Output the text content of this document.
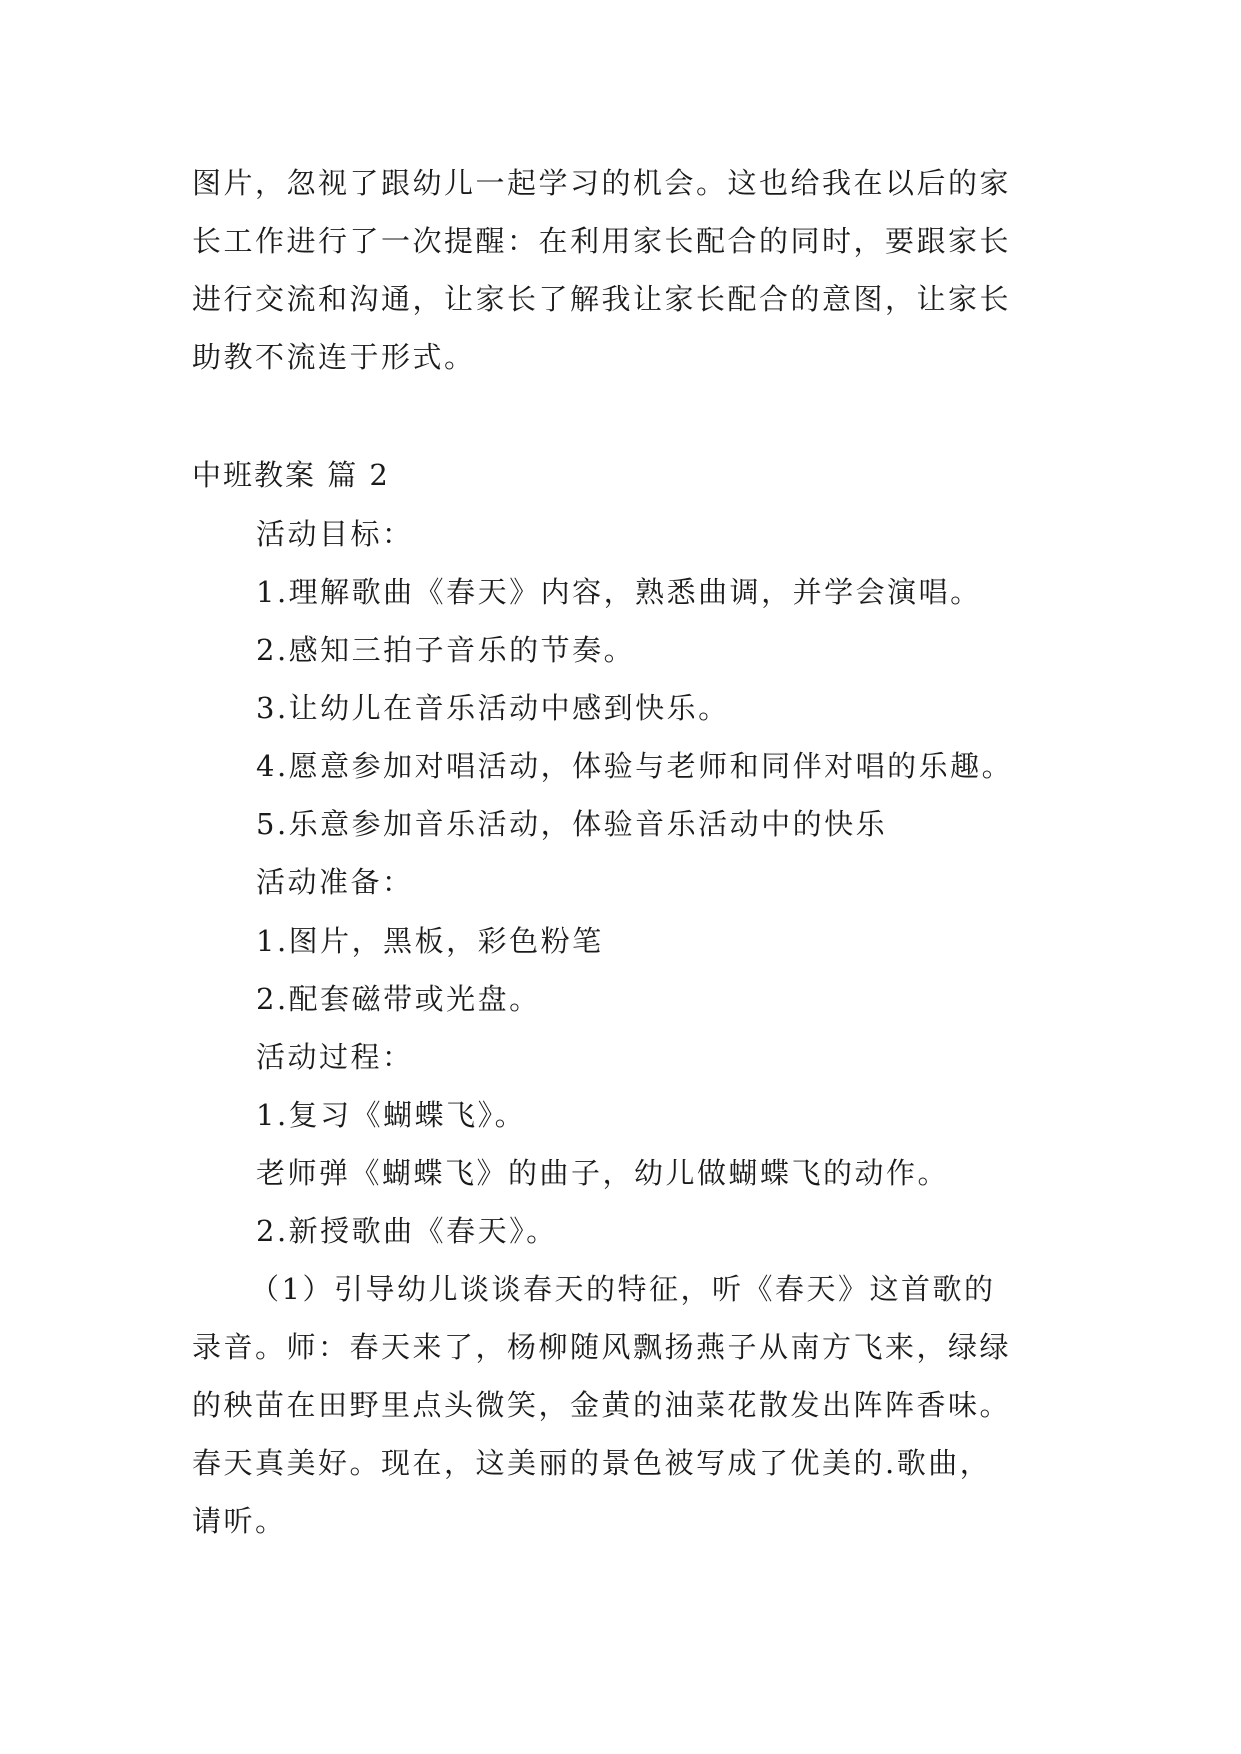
图片，忽视了跟幼儿一起学习的机会。这也给我在以后的家
长工作进行了一次提醒：在利用家长配合的同时，要跟家长
进行交流和沟通，让家长了解我让家长配合的意图，让家长
助教不流连于形式。
中班教案 篇 2
活动目标：
1.理解歌曲《春天》内容，熟悉曲调，并学会演唱。
2.感知三拍子音乐的节奏。
3.让幼儿在音乐活动中感到快乐。
4.愿意参加对唱活动，体验与老师和同伴对唱的乐趣。
5.乐意参加音乐活动，体验音乐活动中的快乐
活动准备：
1.图片，黑板，彩色粉笔
2.配套磁带或光盘。
活动过程：
1.复习《蝴蝶飞》。
老师弹《蝴蝶飞》的曲子，幼儿做蝴蝶飞的动作。
2.新授歌曲《春天》。
（1）引导幼儿谈谈春天的特征，听《春天》这首歌的
录音。师：春天来了，杨柳随风飘扬燕子从南方飞来，绿绿
的秧苗在田野里点头微笑，金黄的油菜花散发出阵阵香味。
春天真美好。现在，这美丽的景色被写成了优美的.歌曲，
请听。
